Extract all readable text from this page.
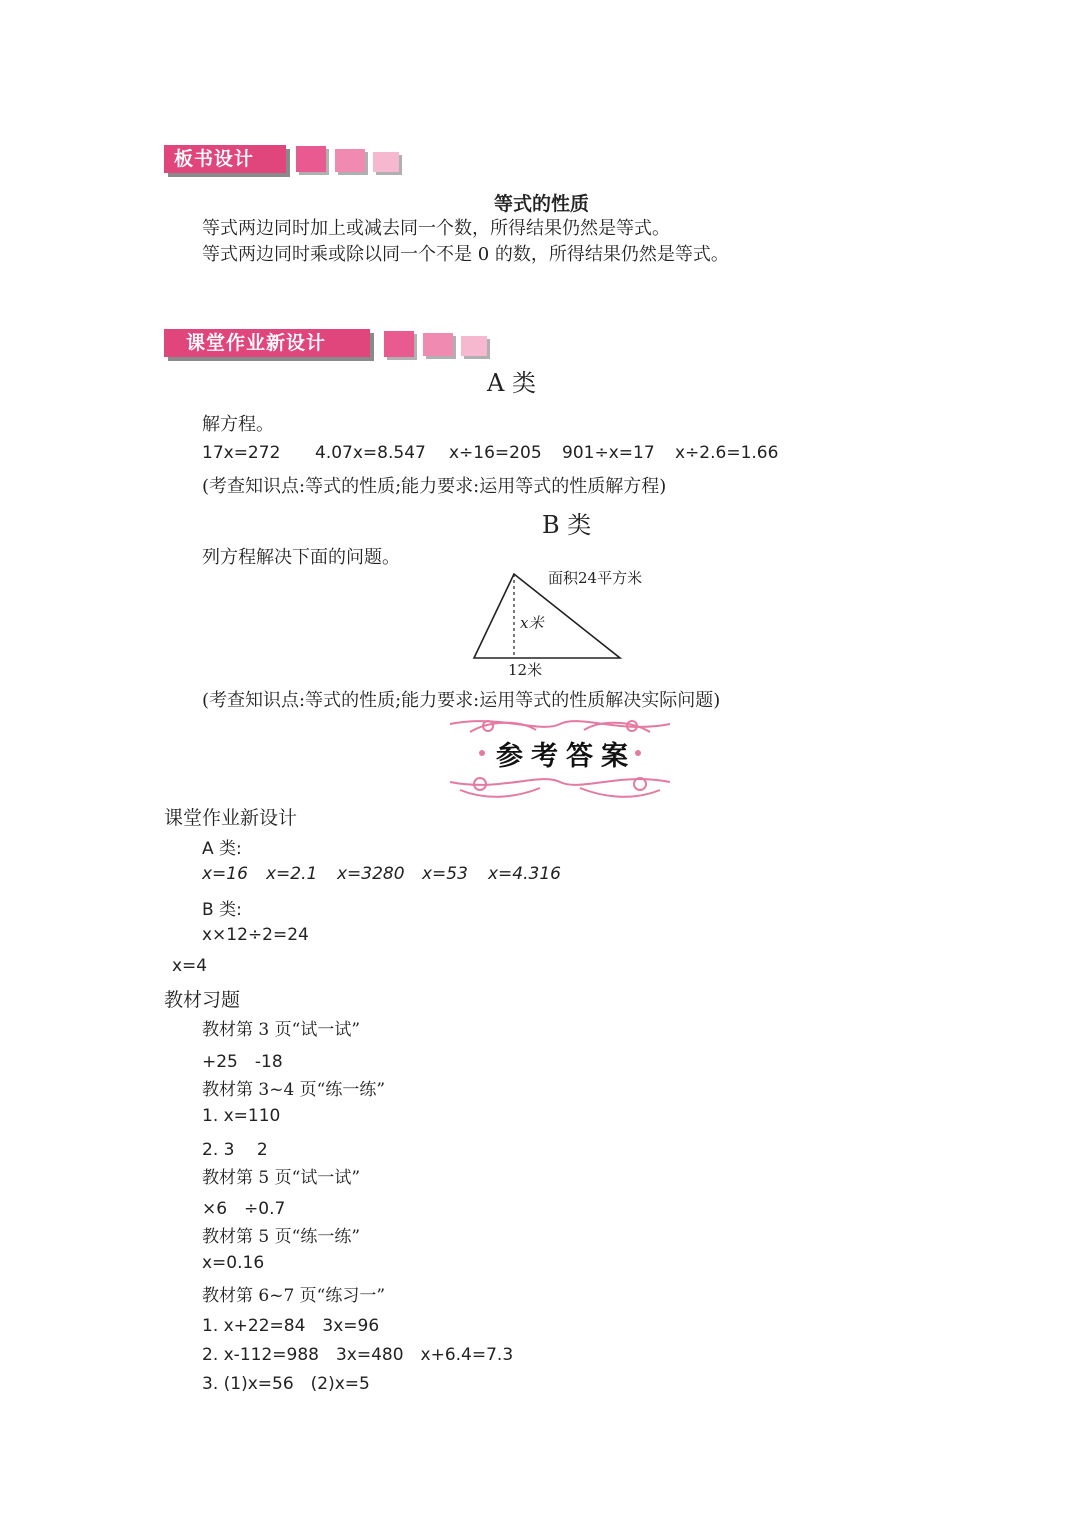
板书设计
等式的性质
等式两边同时加上或减去同一个数，所得结果仍然是等式。
等式两边同时乘或除以同一个不是 0 的数，所得结果仍然是等式。
课堂作业新设计
A 类
解方程。
17x=272 4.07x=8.547 x÷16=205 901÷x=17 x÷2.6=1.66
(考查知识点:等式的性质;能力要求:运用等式的性质解方程)
B 类
列方程解决下面的问题。
面积24平方米
x米
12米
(考查知识点:等式的性质;能力要求:运用等式的性质解决实际问题)
参考答案
课堂作业新设计
A 类:
x=16 x=2.1 x=3280 x=53 x=4.316
B 类:
x×12÷2=24
x=4
教材习题
教材第 3 页“试一试”
+25　-18
教材第 3~4 页“练一练”
1. x=110
2. 3　 2
教材第 5 页“试一试”
×6　÷0.7
教材第 5 页“练一练”
x=0.16
教材第 6~7 页“练习一”
1. x+22=84　3x=96
2. x-112=988　3x=480　x+6.4=7.3
3. (1)x=56　(2)x=5
